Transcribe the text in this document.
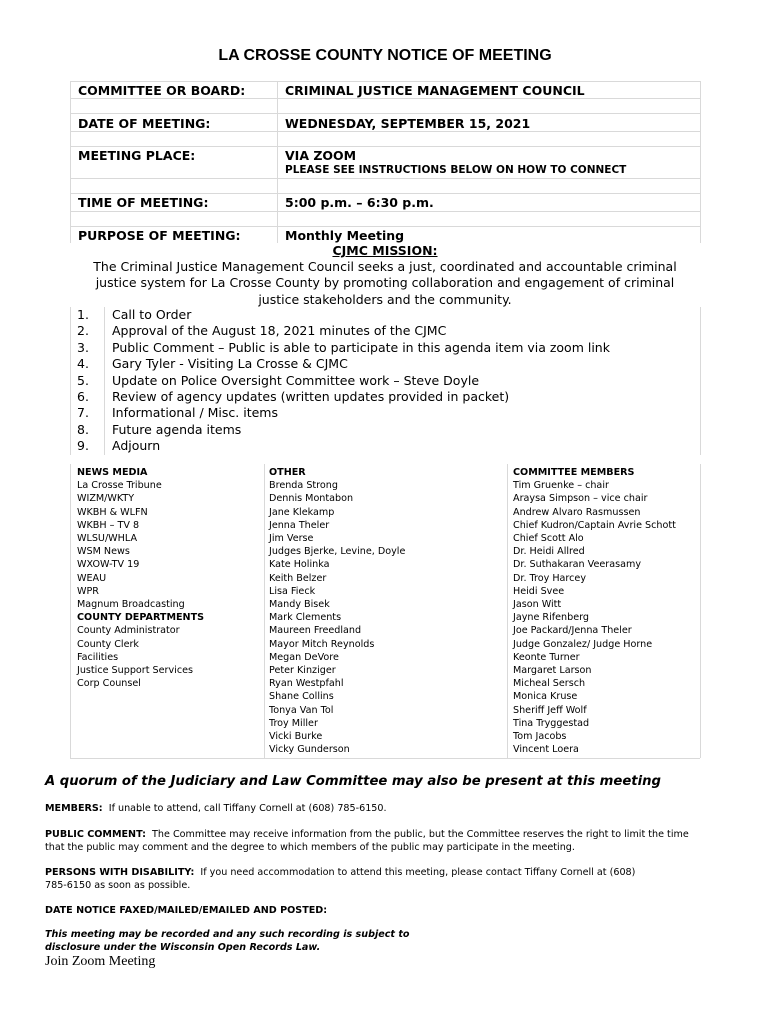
LA CROSSE COUNTY NOTICE OF MEETING
COMMITTEE OR BOARD:	CRIMINAL JUSTICE MANAGEMENT COUNCIL
DATE OF MEETING:	WEDNESDAY, SEPTEMBER 15, 2021
MEETING PLACE:	VIA ZOOM
PLEASE SEE INSTRUCTIONS BELOW ON HOW TO CONNECT
TIME OF MEETING:	5:00 p.m. – 6:30 p.m.
PURPOSE OF MEETING:	Monthly Meeting
CJMC MISSION:
The Criminal Justice Management Council seeks a just, coordinated and accountable criminal justice system for La Crosse County by promoting collaboration and engagement of criminal justice stakeholders and the community.
1. Call to Order
2. Approval of the August 18, 2021 minutes of the CJMC
3. Public Comment – Public is able to participate in this agenda item via zoom link
4. Gary Tyler - Visiting La Crosse & CJMC
5. Update on Police Oversight Committee work – Steve Doyle
6. Review of agency updates (written updates provided in packet)
7. Informational / Misc. items
8. Future agenda items
9. Adjourn
NEWS MEDIA
La Crosse Tribune
WIZM/WKTY
WKBH & WLFN
WKBH – TV 8
WLSU/WHLA
WSM News
WXOW-TV 19
WEAU
WPR
Magnum Broadcasting
COUNTY DEPARTMENTS
County Administrator
County Clerk
Facilities
Justice Support Services
Corp Counsel
OTHER
Brenda Strong
Dennis Montabon
Jane Klekamp
Jenna Theler
Jim Verse
Judges Bjerke, Levine, Doyle
Kate Holinka
Keith Belzer
Lisa Fieck
Mandy Bisek
Mark Clements
Maureen Freedland
Mayor Mitch Reynolds
Megan DeVore
Peter Kinziger
Ryan Westpfahl
Shane Collins
Tonya Van Tol
Troy Miller
Vicki Burke
Vicky Gunderson
COMMITTEE MEMBERS
Tim Gruenke – chair
Araysa Simpson – vice chair
Andrew Alvaro Rasmussen
Chief Kudron/Captain Avrie Schott
Chief Scott Alo
Dr. Heidi Allred
Dr. Suthakaran Veerasamy
Dr. Troy Harcey
Heidi Svee
Jason Witt
Jayne Rifenberg
Joe Packard/Jenna Theler
Judge Gonzalez/ Judge Horne
Keonte Turner
Margaret Larson
Micheal Sersch
Monica Kruse
Sheriff Jeff Wolf
Tina Tryggestad
Tom Jacobs
Vincent Loera
A quorum of the Judiciary and Law Committee may also be present at this meeting
MEMBERS: If unable to attend, call Tiffany Cornell at (608) 785-6150.
PUBLIC COMMENT: The Committee may receive information from the public, but the Committee reserves the right to limit the time that the public may comment and the degree to which members of the public may participate in the meeting.
PERSONS WITH DISABILITY: If you need accommodation to attend this meeting, please contact Tiffany Cornell at (608) 785-6150 as soon as possible.
DATE NOTICE FAXED/MAILED/EMAILED AND POSTED:
This meeting may be recorded and any such recording is subject to disclosure under the Wisconsin Open Records Law.
Join Zoom Meeting
